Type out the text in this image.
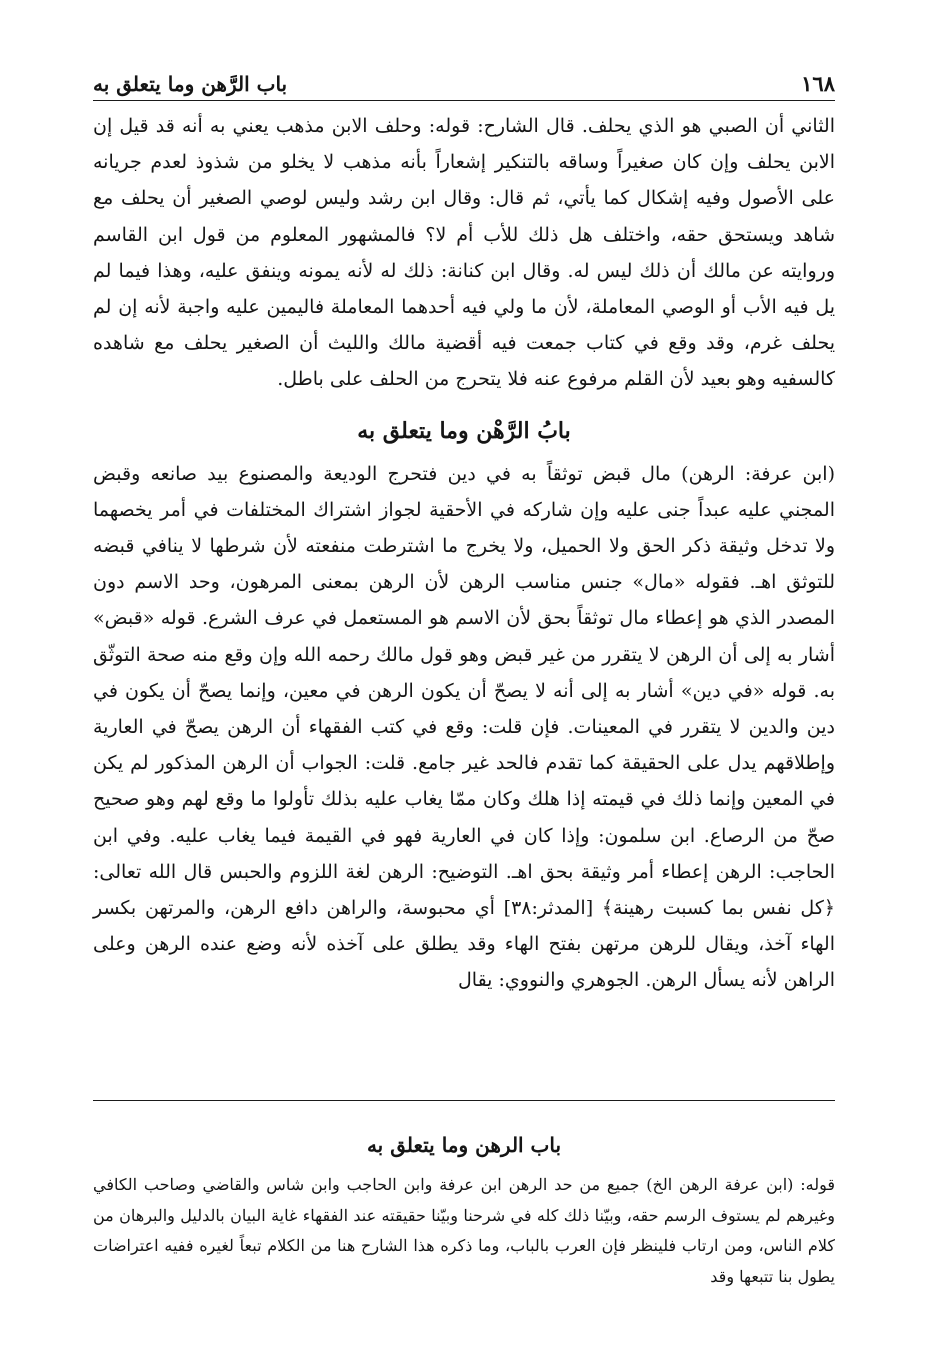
١٦٨
باب الرَّهن وما يتعلق به

الثاني أن الصبي هو الذي يحلف. قال الشارح: قوله: وحلف الابن مذهب يعني به أنه قد قيل إن الابن يحلف وإن كان صغيراً وساقه بالتنكير إشعاراً بأنه مذهب لا يخلو من شذوذ لعدم جريانه على الأصول وفيه إشكال كما يأتي، ثم قال: وقال ابن رشد وليس لوصي الصغير أن يحلف مع شاهد ويستحق حقه، واختلف هل ذلك للأب أم لا؟ فالمشهور المعلوم من قول ابن القاسم وروايته عن مالك أن ذلك ليس له. وقال ابن كنانة: ذلك له لأنه يمونه وينفق عليه، وهذا فيما لم يل فيه الأب أو الوصي المعاملة، لأن ما ولي فيه أحدهما المعاملة فاليمين عليه واجبة لأنه إن لم يحلف غرم، وقد وقع في كتاب جمعت فيه أقضية مالك والليث أن الصغير يحلف مع شاهده كالسفيه وهو بعيد لأن القلم مرفوع عنه فلا يتحرج من الحلف على باطل.

بابُ الرَّهْن وما يتعلق به

(ابن عرفة: الرهن) مال قبض توثقاً به في دين فتحرج الوديعة والمصنوع بيد صانعه وقبض المجني عليه عبداً جنى عليه وإن شاركه في الأحقية لجواز اشتراك المختلفات في أمر يخصهما ولا تدخل وثيقة ذكر الحق ولا الحميل، ولا يخرج ما اشترطت منفعته لأن شرطها لا ينافي قبضه للتوثق اهـ. فقوله «مال» جنس مناسب الرهن لأن الرهن بمعنى المرهون، وحد الاسم دون المصدر الذي هو إعطاء مال توثقاً بحق لأن الاسم هو المستعمل في عرف الشرع. قوله «قبض» أشار به إلى أن الرهن لا يتقرر من غير قبض وهو قول مالك رحمه الله وإن وقع منه صحة التوثّق به. قوله «في دين» أشار به إلى أنه لا يصحّ أن يكون الرهن في معين، وإنما يصحّ أن يكون في دين والدين لا يتقرر في المعينات. فإن قلت: وقع في كتب الفقهاء أن الرهن يصحّ في العارية وإطلاقهم يدل على الحقيقة كما تقدم فالحد غير جامع. قلت: الجواب أن الرهن المذكور لم يكن في المعين وإنما ذلك في قيمته إذا هلك وكان ممّا يغاب عليه بذلك تأولوا ما وقع لهم وهو صحيح صحّ من الرصاع. ابن سلمون: وإذا كان في العارية فهو في القيمة فيما يغاب عليه. وفي ابن الحاجب: الرهن إعطاء أمر وثيقة بحق اهـ. التوضيح: الرهن لغة اللزوم والحبس قال الله تعالى: ﴿كل نفس بما كسبت رهينة﴾ [المدثر:٣٨] أي محبوسة، والراهن دافع الرهن، والمرتهن بكسر الهاء آخذ، ويقال للرهن مرتهن بفتح الهاء وقد يطلق على آخذه لأنه وضع عنده الرهن وعلى الراهن لأنه يسأل الرهن. الجوهري والنووي: يقال

باب الرهن وما يتعلق به

قوله: (ابن عرفة الرهن الخ) جميع من حد الرهن ابن عرفة وابن الحاجب وابن شاس والقاضي وصاحب الكافي وغيرهم لم يستوف الرسم حقه، وبيّنا ذلك كله في شرحنا وبيّنا حقيقته عند الفقهاء غاية البيان بالدليل والبرهان من كلام الناس، ومن ارتاب فلينظر فإن العرب بالباب، وما ذكره هذا الشارح هنا من الكلام تبعاً لغيره ففيه اعتراضات يطول بنا تتبعها وقد
